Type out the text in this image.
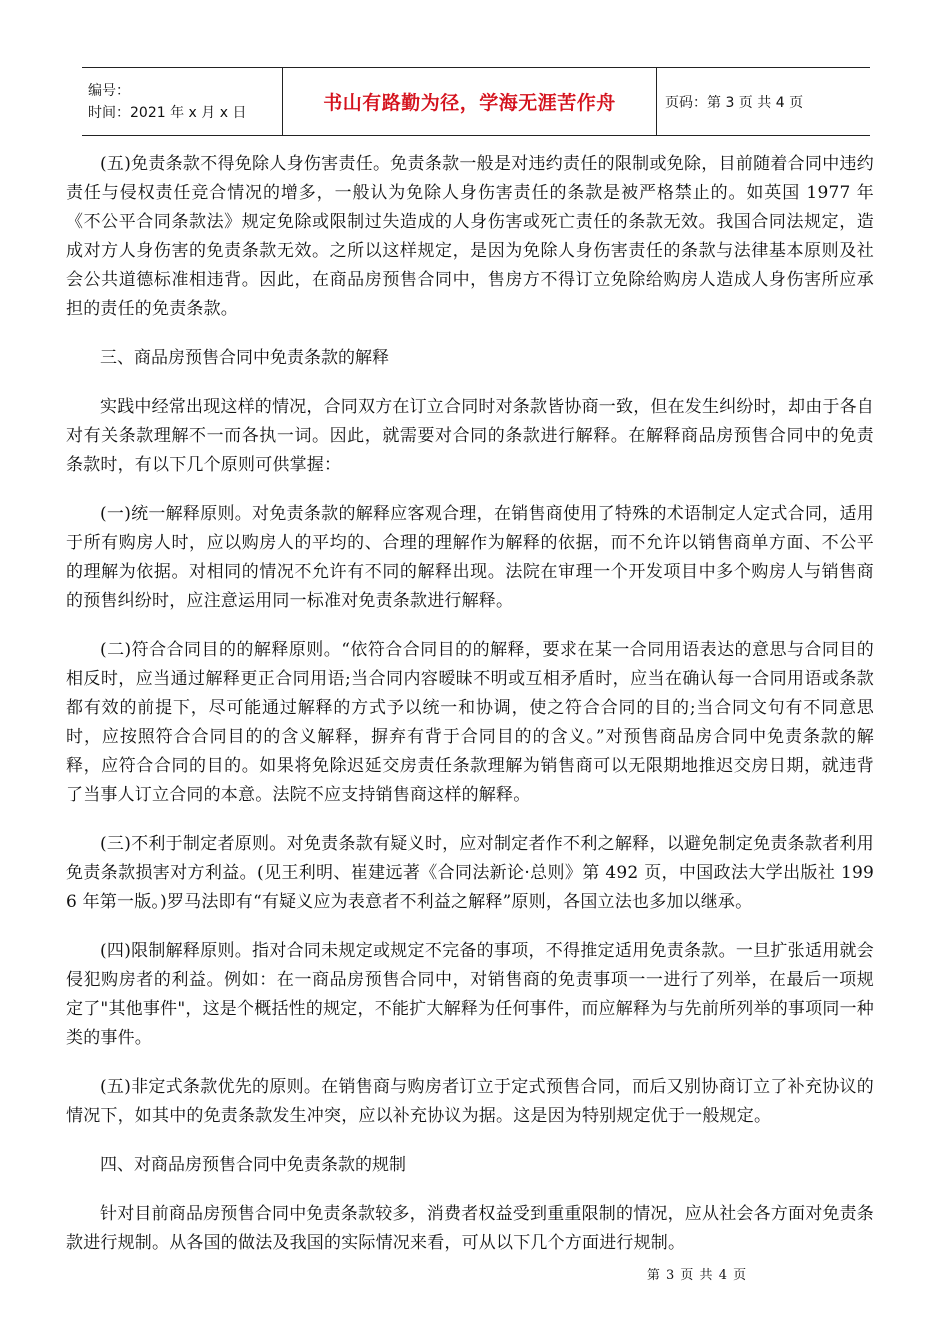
编号：
时间：2021 年 x 月 x 日	书山有路勤为径，学海无涯苦作舟	页码：第 3 页 共 4 页

(五)免责条款不得免除人身伤害责任。免责条款一般是对违约责任的限制或免除，目前随着合同中违约责任与侵权责任竞合情况的增多，一般认为免除人身伤害责任的条款是被严格禁止的。如英国 1977 年《不公平合同条款法》规定免除或限制过失造成的人身伤害或死亡责任的条款无效。我国合同法规定，造成对方人身伤害的免责条款无效。之所以这样规定，是因为免除人身伤害责任的条款与法律基本原则及社会公共道德标准相违背。因此，在商品房预售合同中，售房方不得订立免除给购房人造成人身伤害所应承担的责任的免责条款。

三、商品房预售合同中免责条款的解释

实践中经常出现这样的情况，合同双方在订立合同时对条款皆协商一致，但在发生纠纷时，却由于各自对有关条款理解不一而各执一词。因此，就需要对合同的条款进行解释。在解释商品房预售合同中的免责条款时，有以下几个原则可供掌握：

(一)统一解释原则。对免责条款的解释应客观合理，在销售商使用了特殊的术语制定人定式合同，适用于所有购房人时，应以购房人的平均的、合理的理解作为解释的依据，而不允许以销售商单方面、不公平的理解为依据。对相同的情况不允许有不同的解释出现。法院在审理一个开发项目中多个购房人与销售商的预售纠纷时，应注意运用同一标准对免责条款进行解释。

(二)符合合同目的的解释原则。“依符合合同目的的解释，要求在某一合同用语表达的意思与合同目的相反时，应当通过解释更正合同用语;当合同内容暧昧不明或互相矛盾时，应当在确认每一合同用语或条款都有效的前提下，尽可能通过解释的方式予以统一和协调，使之符合合同的目的;当合同文句有不同意思时，应按照符合合同目的的含义解释，摒弃有背于合同目的的含义。”对预售商品房合同中免责条款的解释，应符合合同的目的。如果将免除迟延交房责任条款理解为销售商可以无限期地推迟交房日期，就违背了当事人订立合同的本意。法院不应支持销售商这样的解释。

(三)不利于制定者原则。对免责条款有疑义时，应对制定者作不利之解释，以避免制定免责条款者利用免责条款损害对方利益。(见王利明、崔建远著《合同法新论·总则》第 492 页，中国政法大学出版社 1996 年第一版。)罗马法即有“有疑义应为表意者不利益之解释”原则，各国立法也多加以继承。

(四)限制解释原则。指对合同未规定或规定不完备的事项，不得推定适用免责条款。一旦扩张适用就会侵犯购房者的利益。例如：在一商品房预售合同中，对销售商的免责事项一一进行了列举，在最后一项规定了"其他事件"，这是个概括性的规定，不能扩大解释为任何事件，而应解释为与先前所列举的事项同一种类的事件。

(五)非定式条款优先的原则。在销售商与购房者订立于定式预售合同，而后又别协商订立了补充协议的情况下，如其中的免责条款发生冲突，应以补充协议为据。这是因为特别规定优于一般规定。

四、对商品房预售合同中免责条款的规制

针对目前商品房预售合同中免责条款较多，消费者权益受到重重限制的情况，应从社会各方面对免责条款进行规制。从各国的做法及我国的实际情况来看，可从以下几个方面进行规制。

第 3 页 共 4 页
